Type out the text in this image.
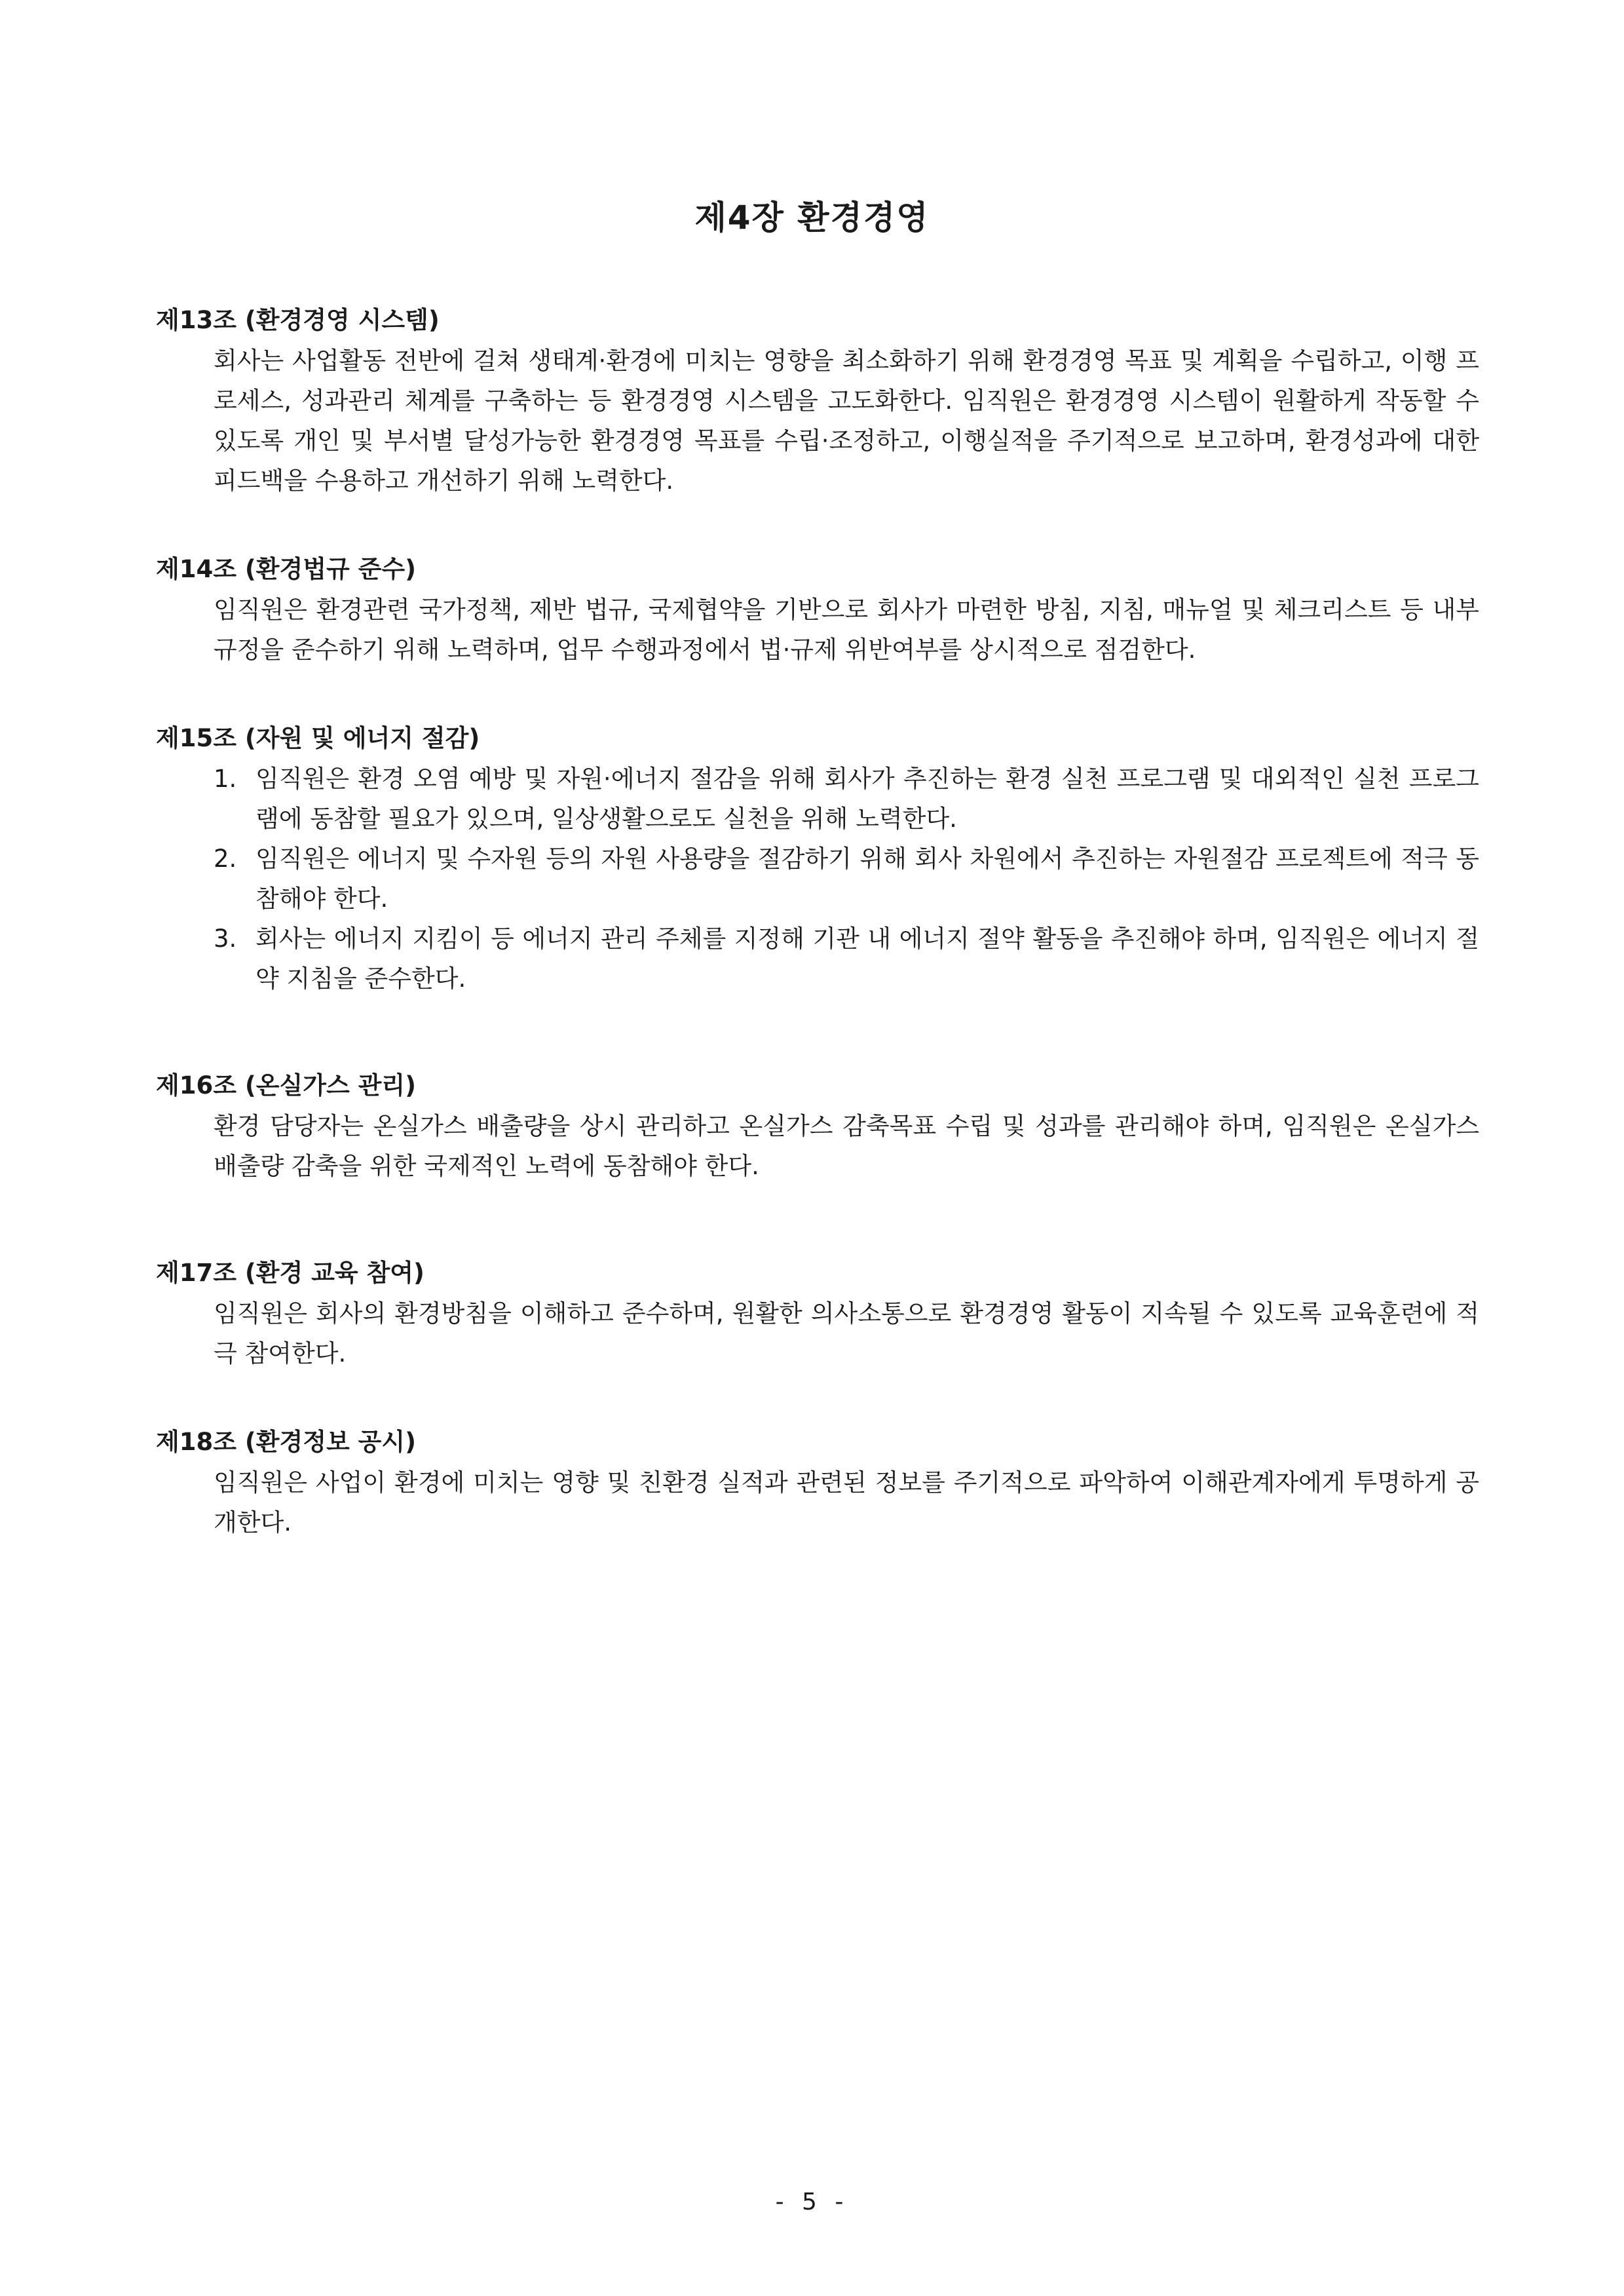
제4장 환경경영
제13조 (환경경영 시스템)

회사는 사업활동 전반에 걸쳐 생태계·환경에 미치는 영향을 최소화하기 위해 환경경영 목표 및 계획을 수립하고, 이행 프로세스, 성과관리 체계를 구축하는 등 환경경영 시스템을 고도화한다. 임직원은 환경경영 시스템이 원활하게 작동할 수 있도록 개인 및 부서별 달성가능한 환경경영 목표를 수립·조정하고, 이행실적을 주기적으로 보고하며, 환경성과에 대한 피드백을 수용하고 개선하기 위해 노력한다.

제14조 (환경법규 준수)

임직원은 환경관련 국가정책, 제반 법규, 국제협약을 기반으로 회사가 마련한 방침, 지침, 매뉴얼 및 체크리스트 등 내부규정을 준수하기 위해 노력하며, 업무 수행과정에서 법·규제 위반여부를 상시적으로 점검한다.

제15조 (자원 및 에너지 절감)
1. 임직원은 환경 오염 예방 및 자원·에너지 절감을 위해 회사가 추진하는 환경 실천 프로그램 및 대외적인 실천 프로그램에 동참할 필요가 있으며, 일상생활으로도 실천을 위해 노력한다.
2. 임직원은 에너지 및 수자원 등의 자원 사용량을 절감하기 위해 회사 차원에서 추진하는 자원절감 프로젝트에 적극 동참해야 한다.
3. 회사는 에너지 지킴이 등 에너지 관리 주체를 지정해 기관 내 에너지 절약 활동을 추진해야 하며, 임직원은 에너지 절약 지침을 준수한다.
제16조 (온실가스 관리)

환경 담당자는 온실가스 배출량을 상시 관리하고 온실가스 감축목표 수립 및 성과를 관리해야 하며, 임직원은 온실가스 배출량 감축을 위한 국제적인 노력에 동참해야 한다.

제17조 (환경 교육 참여)

임직원은 회사의 환경방침을 이해하고 준수하며, 원활한 의사소통으로 환경경영 활동이 지속될 수 있도록 교육훈련에 적극 참여한다.

제18조 (환경정보 공시)

임직원은 사업이 환경에 미치는 영향 및 친환경 실적과 관련된 정보를 주기적으로 파악하여 이해관계자에게 투명하게 공개한다.

- 5 -
